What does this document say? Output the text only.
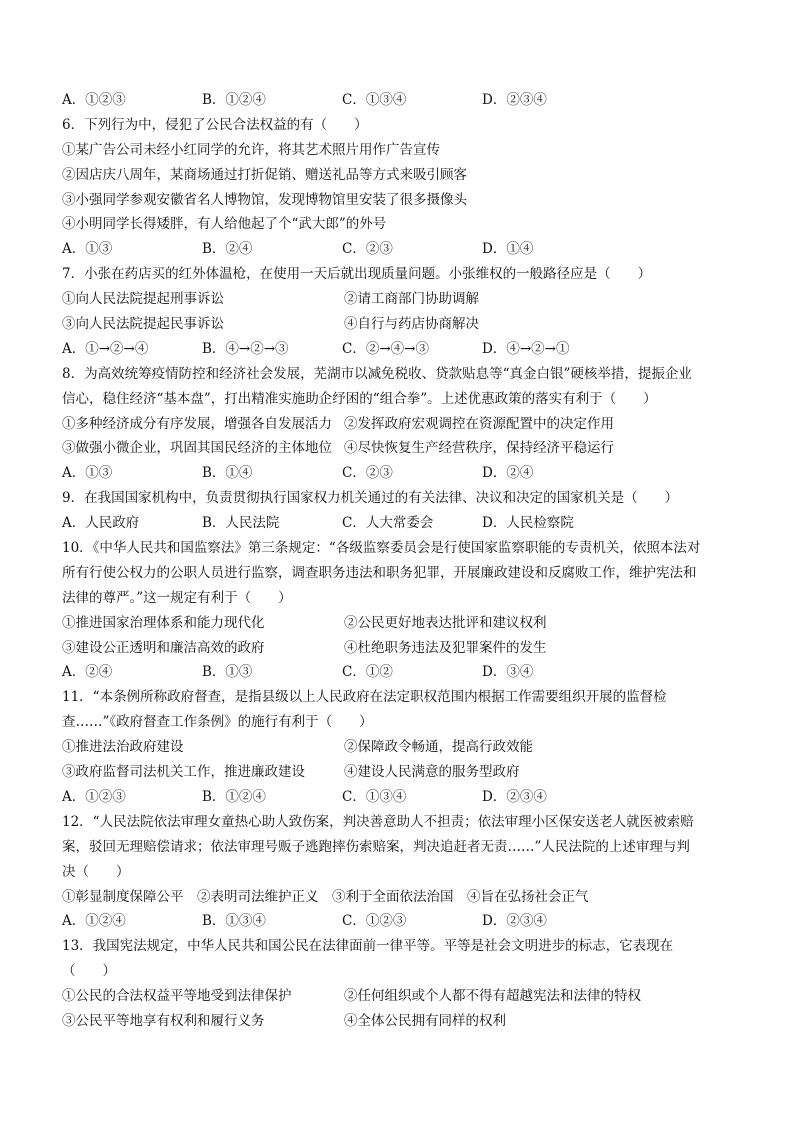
A．①②③	B．①②④	C．①③④	D．②③④
6．下列行为中，侵犯了公民合法权益的有（　　）
①某广告公司未经小红同学的允许，将其艺术照片用作广告宣传
②因店庆八周年，某商场通过打折促销、赠送礼品等方式来吸引顾客
③小强同学参观安徽省名人博物馆，发现博物馆里安装了很多摄像头
④小明同学长得矮胖，有人给他起了个“武大郎”的外号
A．①③	B．②④	C．②③	D．①④
7．小张在药店买的红外体温枪，在使用一天后就出现质量问题。小张维权的一般路径应是（　　）
①向人民法院提起刑事诉讼	②请工商部门协助调解
③向人民法院提起民事诉讼	④自行与药店协商解决
A．①→②→④	B．④→②→③	C．②→④→③	D．④→②→①
8．为高效统筹疫情防控和经济社会发展，芜湖市以减免税收、贷款贴息等“真金白银”硬核举措，提振企业
信心，稳住经济“基本盘”，打出精准实施助企纾困的“组合拳”。上述优惠政策的落实有利于（　　）
①多种经济成分有序发展，增强各自发展活力 ②发挥政府宏观调控在资源配置中的决定作用
③做强小微企业，巩固其国民经济的主体地位 ④尽快恢复生产经营秩序，保持经济平稳运行
A．①③	B．①④	C．②③	D．②④
9．在我国国家机构中，负责贯彻执行国家权力机关通过的有关法律、决议和决定的国家机关是（　　）
A．人民政府	B．人民法院	C．人大常委会	D．人民检察院
10．《中华人民共和国监察法》第三条规定：“各级监察委员会是行使国家监察职能的专责机关，依照本法对
所有行使公权力的公职人员进行监察，调查职务违法和职务犯罪，开展廉政建设和反腐败工作，维护宪法和
法律的尊严。”这一规定有利于（　　）
①推进国家治理体系和能力现代化	②公民更好地表达批评和建议权利
③建设公正透明和廉洁高效的政府	④杜绝职务违法及犯罪案件的发生
A．②④	B．①③	C．①②	D．③④
11．“本条例所称政府督查，是指县级以上人民政府在法定职权范围内根据工作需要组织开展的监督检
查……”《政府督查工作条例》的施行有利于（　　）
①推进法治政府建设	②保障政令畅通，提高行政效能
③政府监督司法机关工作，推进廉政建设	④建设人民满意的服务型政府
A．①②③	B．①②④	C．①③④	D．②③④
12．“人民法院依法审理女童热心助人致伤案，判决善意助人不担责；依法审理小区保安送老人就医被索赔
案，驳回无理赔偿请求；依法审理号贩子逃跑摔伤索赔案，判决追赶者无责……”人民法院的上述审理与判
决（　　）
①彰显制度保障公平　②表明司法维护正义　③利于全面依法治国　④旨在弘扬社会正气
A．①②④	B．①③④	C．①②③	D．②③④
13．我国宪法规定，中华人民共和国公民在法律面前一律平等。平等是社会文明进步的标志，它表现在
（　　）
①公民的合法权益平等地受到法律保护	②任何组织或个人都不得有超越宪法和法律的特权
③公民平等地享有权利和履行义务	④全体公民拥有同样的权利
